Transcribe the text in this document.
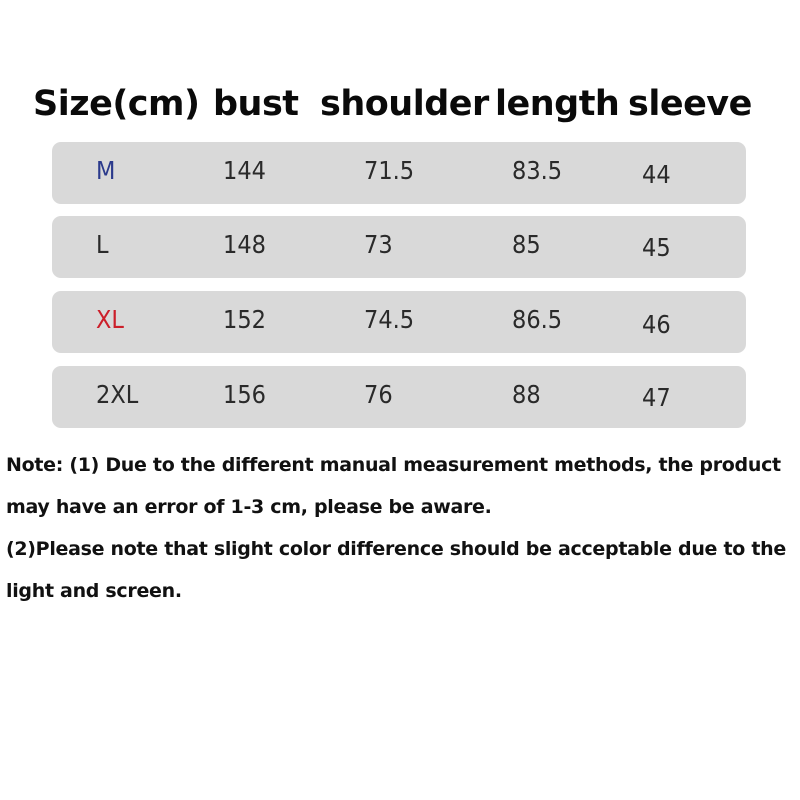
Size(cm) bust shoulder length sleeve
M	144	71.5	83.5	44
L	148	73	85	45
XL	152	74.5	86.5	46
2XL	156	76	88	47

Note: (1) Due to the different manual measurement methods, the product

may have an error of 1-3 cm, please be aware.

(2)Please note that slight color difference should be acceptable due to the

light and screen.
